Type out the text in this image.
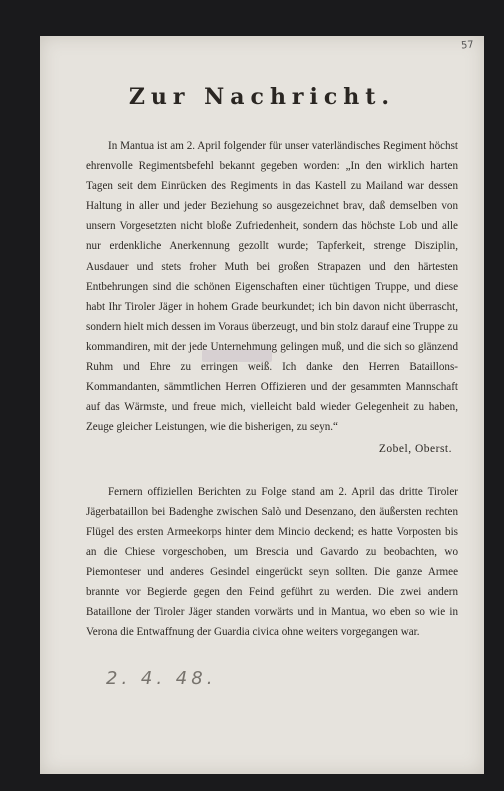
57
Zur Nachricht.

In Mantua ist am 2. April folgender für unser vaterländisches Regiment höchst ehrenvolle Regimentsbefehl bekannt gegeben worden: „In den wirklich harten Tagen seit dem Einrücken des Regiments in das Kastell zu Mailand war dessen Haltung in aller und jeder Beziehung so ausgezeichnet brav, daß demselben von unsern Vorgesetzten nicht bloße Zufriedenheit, sondern das höchste Lob und alle nur erdenkliche Anerkennung gezollt wurde; Tapferkeit, strenge Disziplin, Ausdauer und stets froher Muth bei großen Strapazen und den härtesten Entbehrungen sind die schönen Eigenschaften einer tüchtigen Truppe, und diese habt Ihr Tiroler Jäger in hohem Grade beurkundet; ich bin davon nicht überrascht, sondern hielt mich dessen im Voraus überzeugt, und bin stolz darauf eine Truppe zu kommandiren, mit der jede Unternehmung gelingen muß, und die sich so glänzend Ruhm und Ehre zu erringen weiß. Ich danke den Herren Bataillons-Kommandanten, sämmtlichen Herren Offizieren und der gesammten Mannschaft auf das Wärmste, und freue mich, vielleicht bald wieder Gelegenheit zu haben, Zeuge gleicher Leistungen, wie die bisherigen, zu seyn.“

Zobel, Oberst.

Fernern offiziellen Berichten zu Folge stand am 2. April das dritte Tiroler Jägerbataillon bei Badenghe zwischen Salò und Desenzano, den äußersten rechten Flügel des ersten Armeekorps hinter dem Mincio deckend; es hatte Vorposten bis an die Chiese vorgeschoben, um Brescia und Gavardo zu beobachten, wo Piemonteser und anderes Gesindel eingerückt seyn sollten. Die ganze Armee brannte vor Begierde gegen den Feind geführt zu werden. Die zwei andern Bataillone der Tiroler Jäger standen vorwärts und in Mantua, wo eben so wie in Verona die Entwaffnung der Guardia civica ohne weiters vorgegangen war.

2. 4. 48.
